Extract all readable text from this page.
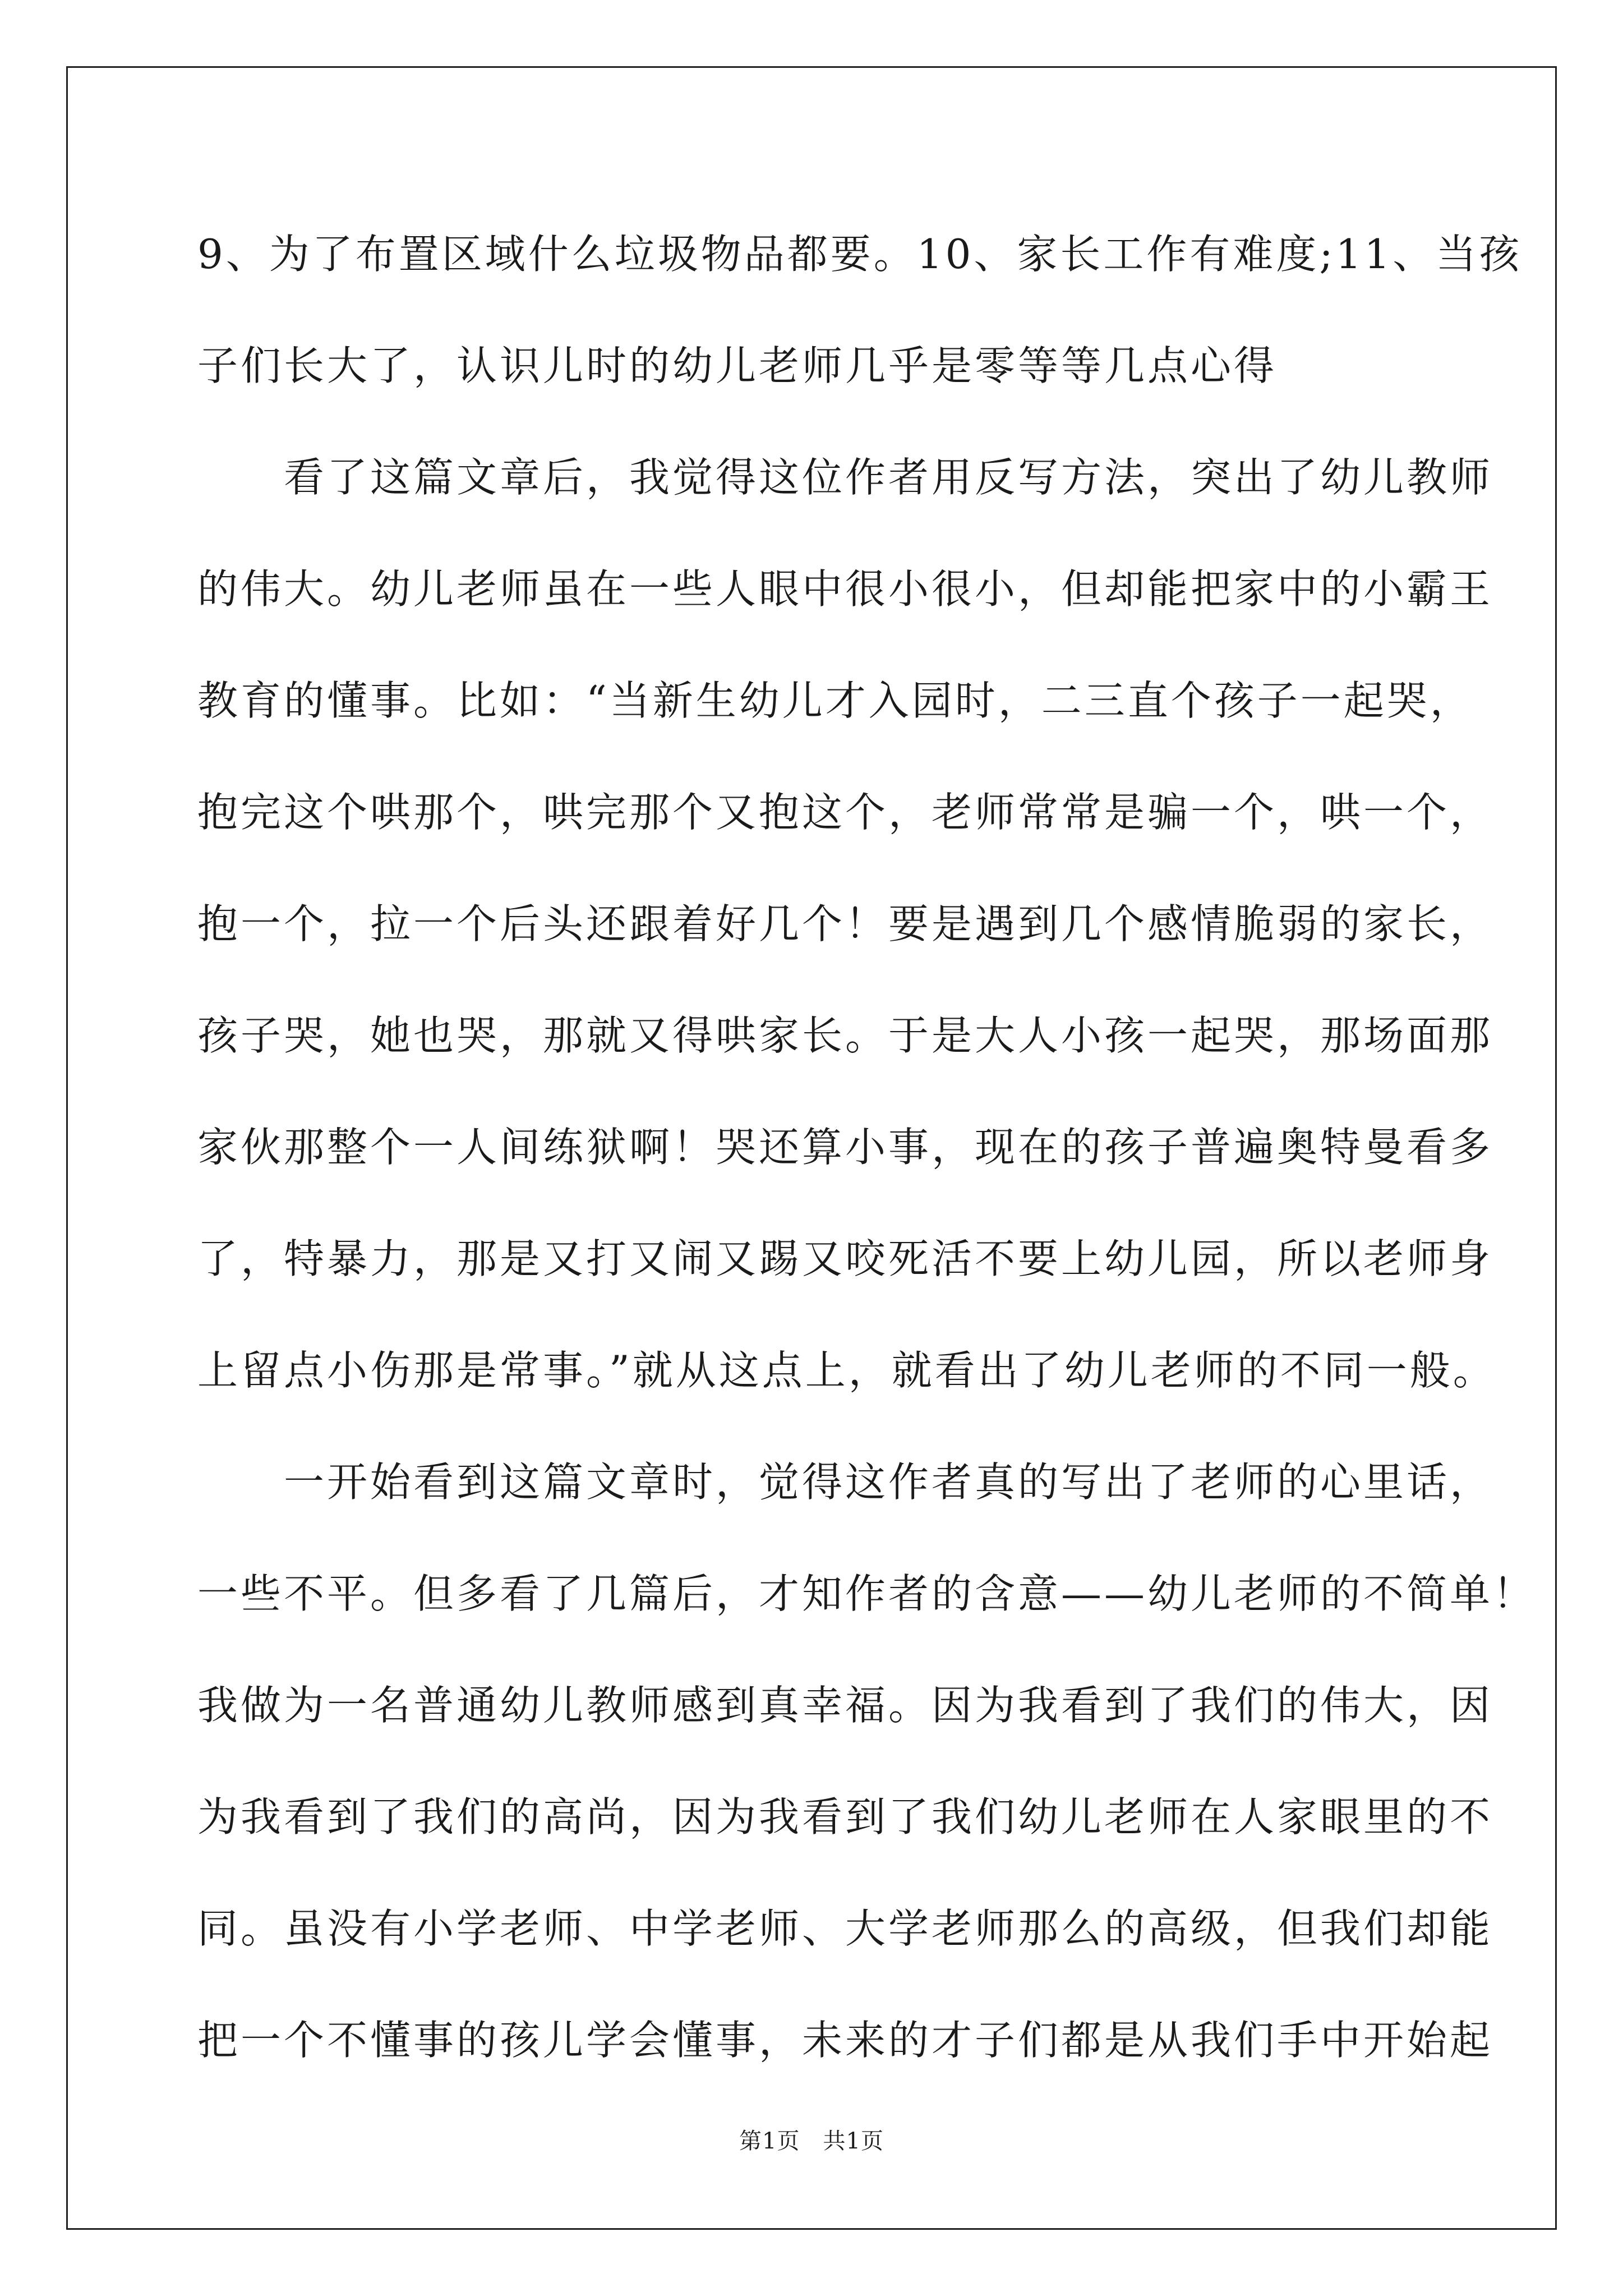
9、为了布置区域什么垃圾物品都要。10、家长工作有难度;11、当孩
子们长大了，认识儿时的幼儿老师几乎是零等等几点心得
　　看了这篇文章后，我觉得这位作者用反写方法，突出了幼儿教师
的伟大。幼儿老师虽在一些人眼中很小很小，但却能把家中的小霸王
教育的懂事。比如：“当新生幼儿才入园时，二三直个孩子一起哭，
抱完这个哄那个，哄完那个又抱这个，老师常常是骗一个，哄一个，
抱一个，拉一个后头还跟着好几个！要是遇到几个感情脆弱的家长，
孩子哭，她也哭，那就又得哄家长。于是大人小孩一起哭，那场面那
家伙那整个一人间练狱啊！哭还算小事，现在的孩子普遍奥特曼看多
了，特暴力，那是又打又闹又踢又咬死活不要上幼儿园，所以老师身
上留点小伤那是常事。”就从这点上，就看出了幼儿老师的不同一般。
　　一开始看到这篇文章时，觉得这作者真的写出了老师的心里话，
一些不平。但多看了几篇后，才知作者的含意——幼儿老师的不简单！
我做为一名普通幼儿教师感到真幸福。因为我看到了我们的伟大，因
为我看到了我们的高尚，因为我看到了我们幼儿老师在人家眼里的不
同。虽没有小学老师、中学老师、大学老师那么的高级，但我们却能
把一个不懂事的孩儿学会懂事，未来的才子们都是从我们手中开始起
第1页　共1页
